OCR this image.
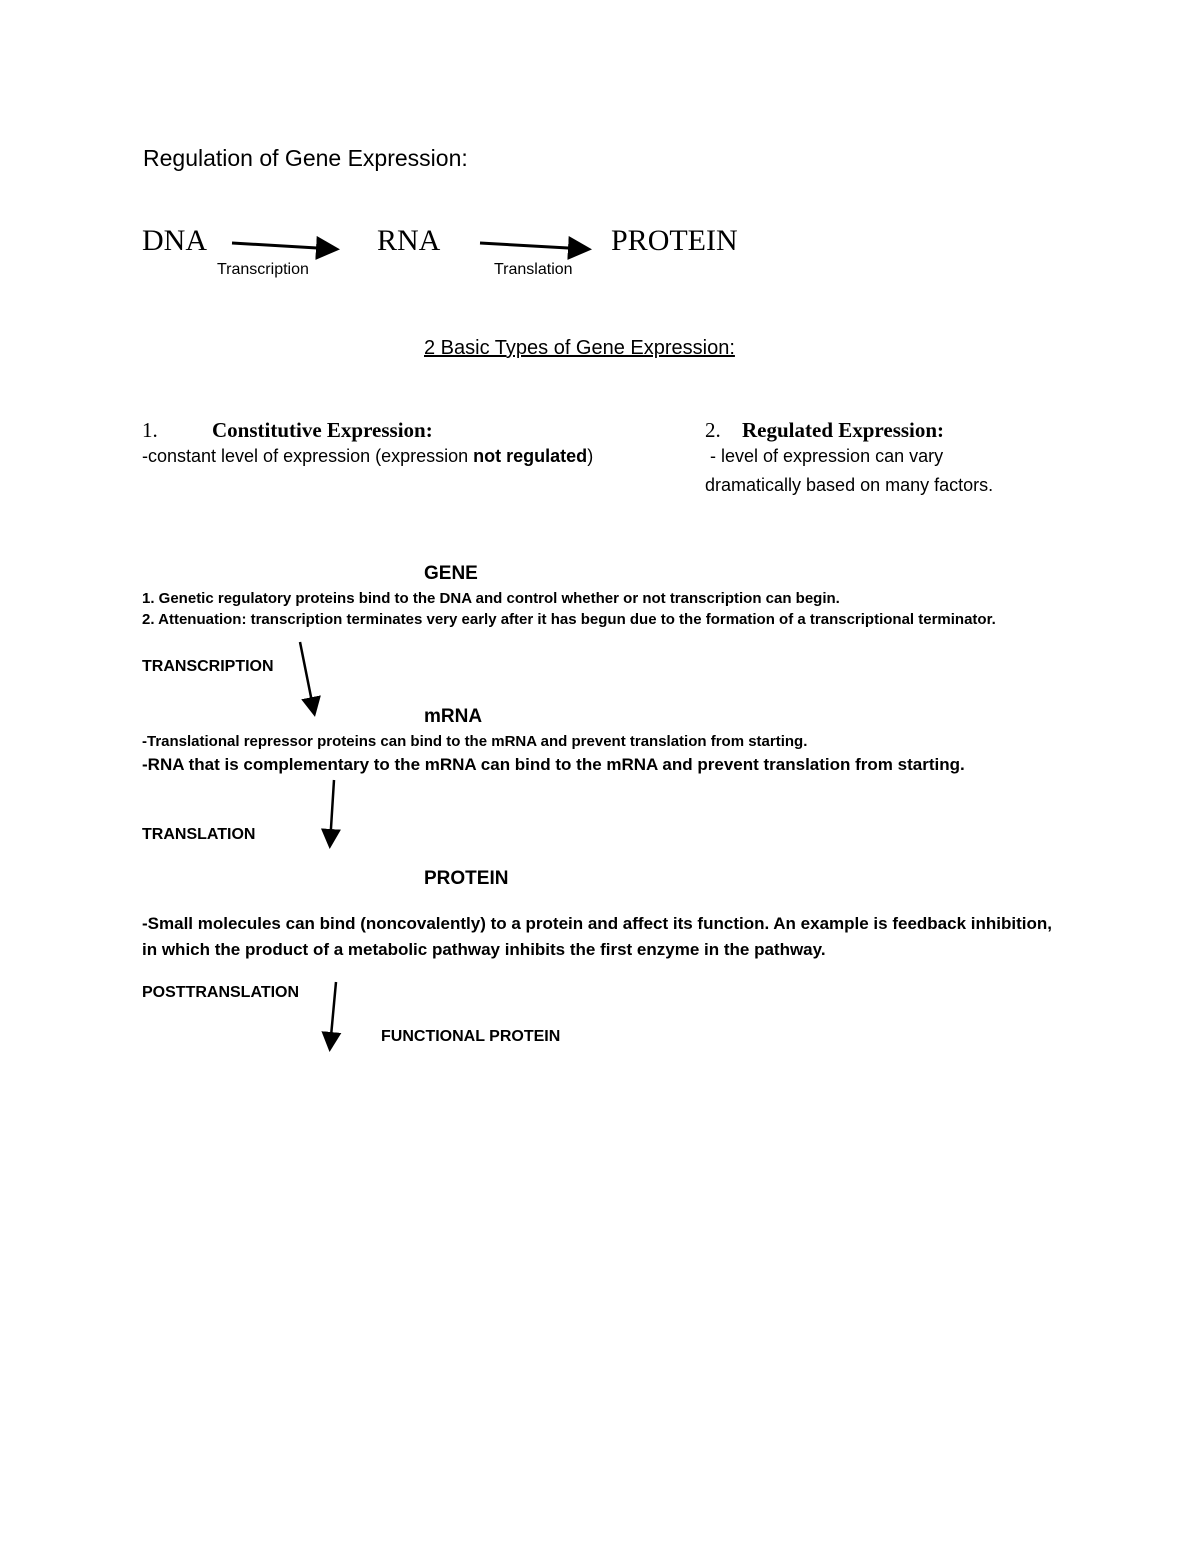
Regulation of Gene Expression:
DNA	RNA	PROTEIN
Transcription	Translation
2 Basic Types of Gene Expression:
1.	Constitutive Expression:
-constant level of expression (expression not regulated)
2. Regulated Expression:
- level of expression can vary
dramatically based on many factors.
GENE
1. Genetic regulatory proteins bind to the DNA and control whether or not transcription can begin.
2. Attenuation: transcription terminates very early after it has begun due to the formation of a transcriptional terminator.
TRANSCRIPTION
mRNA
-Translational repressor proteins can bind to the mRNA and prevent translation from starting.
-RNA that is complementary to the mRNA can bind to the mRNA and prevent translation from starting.
TRANSLATION
PROTEIN
-Small molecules can bind (noncovalently) to a protein and affect its function. An example is feedback inhibition,
in which the product of a metabolic pathway inhibits the first enzyme in the pathway.
POSTTRANSLATION
FUNCTIONAL PROTEIN
